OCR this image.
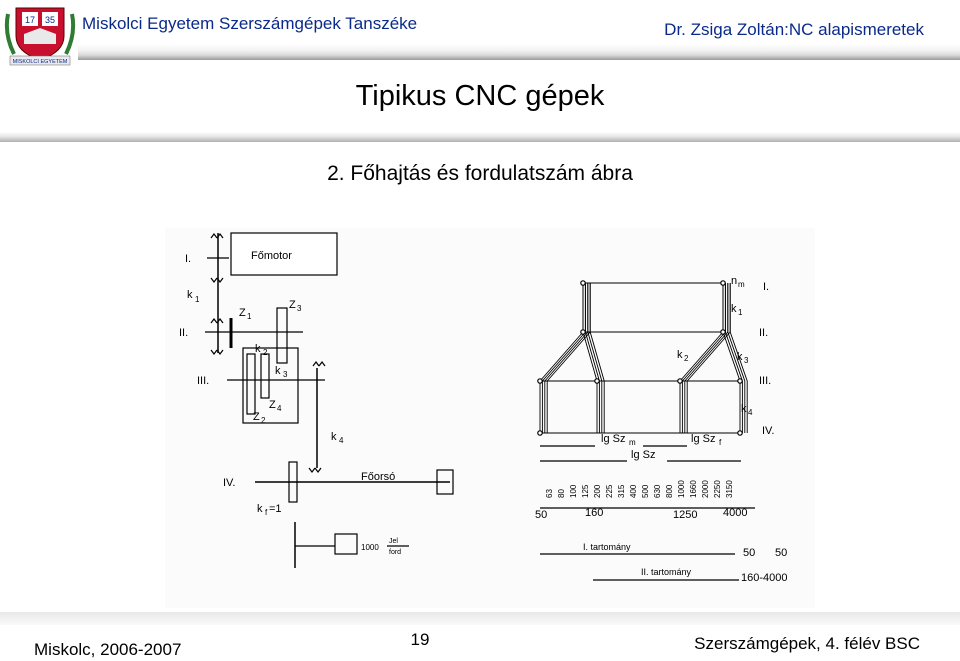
17 35
MISKOLCI EGYETEM
Miskolci Egyetem Szerszámgépek Tanszéke	Dr. Zsiga Zoltán:NC alapismeretek
Tipikus CNC gépek
2. Főhajtás és fordulatszám ábra
Főmotor
I.
k 1
II.
Z 1
Z 3
k 2
k 3
Z 4
Z 2
III.
k 4
IV.	Főorsó
k f =1
1000
Jel
ford
I.
II.
III.
IV.
n m
k 1
k 2	k 3
k 4
lg Sz m	lg Sz f
lg Sz
63 80 100 125 200 225 315 400 500 630 800 1000 1660 2000 2250 3150
50	160	1250 4000
I. tartomány	50 50
II. tartomány	160-4000
Miskolc, 2006-2007
19	Szerszámgépek, 4. félév BSC
